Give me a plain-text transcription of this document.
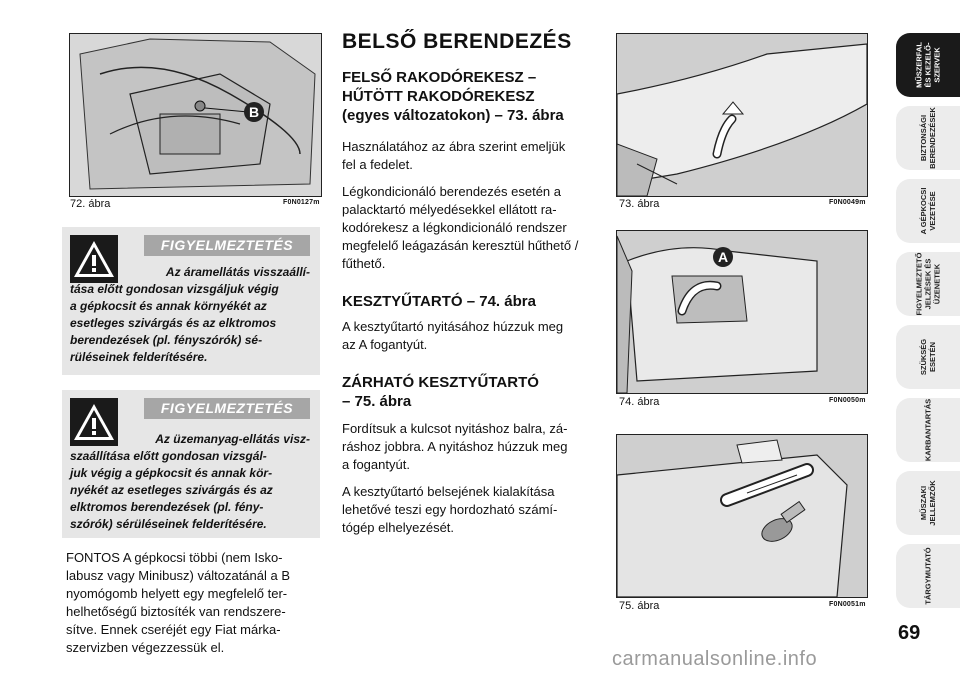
B
72. ábra	F0N0127m
FIGYELMEZTETÉS
Az áramellátás visszaállí-
tása előtt gondosan vizsgáljuk végig
a gépkocsit és annak környékét az
esetleges szivárgás és az elktromos
berendezések (pl. fényszórók) sé-
rüléseinek felderítésére.
FIGYELMEZTETÉS
Az üzemanyag-ellátás visz-
szaállítása előtt gondosan vizsgál-
juk végig a gépkocsit és annak kör-
nyékét az esetleges szivárgás és az
elktromos berendezések (pl. fény-
szórók) sérüléseinek felderítésére.
FONTOS A gépkocsi többi (nem Isko-
labusz vagy Minibusz) változatánál a B
nyomógomb helyett egy megfelelő ter-
helhetőségű biztosíték van rendszere-
sítve. Ennek cseréjét egy Fiat márka-
szervizben végezzessük el.
BELSŐ BERENDEZÉS
FELSŐ RAKODÓREKESZ –
HŰTÖTT RAKODÓREKESZ
(egyes változatokon) – 73. ábra
Használatához az ábra szerint emeljük
fel a fedelet.
Légkondicionáló berendezés esetén a
palacktartó mélyedésekkel ellátott ra-
kodórekesz a légkondicionáló rendszer
megfelelő leágazásán keresztül hűthető /
fűthető.
KESZTYŰTARTÓ – 74. ábra
A kesztyűtartó nyitásához húzzuk meg
az A fogantyút.
ZÁRHATÓ KESZTYŰTARTÓ
– 75. ábra
Fordítsuk a kulcsot nyitáshoz balra, zá-
ráshoz jobbra. A nyitáshoz húzzuk meg
a fogantyút.
A kesztyűtartó belsejének kialakítása
lehetővé teszi egy hordozható számí-
tógép elhelyezését.
73. ábra	F0N0049m
A
74. ábra	F0N0050m
75. ábra	F0N0051m
MŰSZERFAL
ÉS KEZELŐ-
SZERVEK
BIZTONSÁGI
BERENDEZÉSEK
A GÉPKOCSI
VEZETÉSE
FIGYELMEZTETŐ
JELZÉSEK ÉS
ÜZENETEK
SZÜKSÉG
ESETÉN
KARBANTARTÁS
MŰSZAKI
JELLEMZŐK
TÁRGYMUTATÓ
69
carmanualsonline.info
